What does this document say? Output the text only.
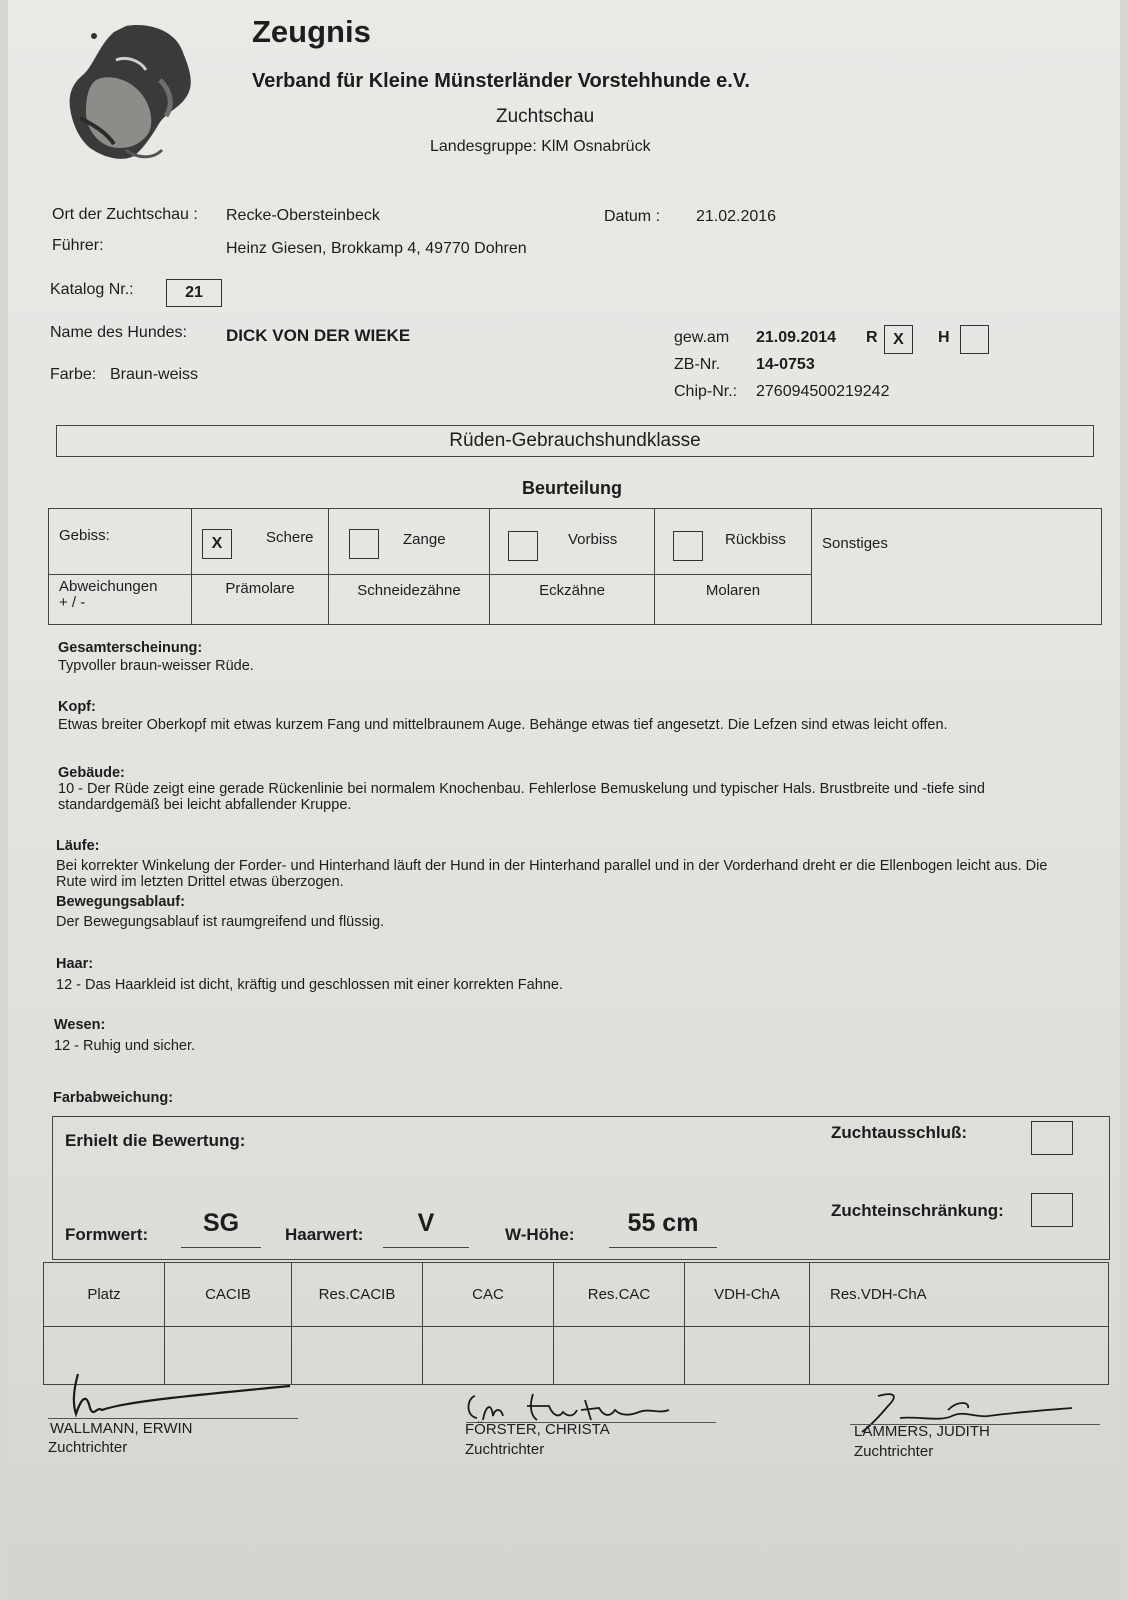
Zeugnis
Verband für Kleine Münsterländer Vorstehhunde e.V.
Zuchtschau
Landesgruppe: KlM Osnabrück
Ort der Zuchtschau : Recke-Obersteinbeck	Datum : 21.02.2016
Führer:	Heinz Giesen, Brokkamp 4, 49770 Dohren
Katalog Nr.:	21
Name des Hundes: DICK VON DER WIEKE
Farbe: Braun-weiss
gew.am 21.09.2014 R X	H
ZB-Nr. 14-0753
Chip-Nr.: 276094500219242
Rüden-Gebrauchshundklasse
Beurteilung
Gebiss:	X Schere	Zange	Vorbiss	Rückbiss	Sonstiges
Abweichungen
+ / -	Prämolare	Schneidezähne	Eckzähne	Molaren	
Gesamterscheinung:
Typvoller braun-weisser Rüde.
Kopf:
Etwas breiter Oberkopf mit etwas kurzem Fang und mittelbraunem Auge. Behänge etwas tief angesetzt. Die Lefzen sind etwas leicht offen.
Gebäude:
10 - Der Rüde zeigt eine gerade Rückenlinie bei normalem Knochenbau. Fehlerlose Bemuskelung und typischer Hals. Brustbreite und -tiefe sind standardgemäß bei leicht abfallender Kruppe.
Läufe:
Bei korrekter Winkelung der Forder- und Hinterhand läuft der Hund in der Hinterhand parallel und in der Vorderhand dreht er die Ellenbogen leicht aus. Die Rute wird im letzten Drittel etwas überzogen.
Bewegungsablauf:
Der Bewegungsablauf ist raumgreifend und flüssig.
Haar:
12 - Das Haarkleid ist dicht, kräftig und geschlossen mit einer korrekten Fahne.
Wesen:
12 - Ruhig und sicher.
Farbabweichung:
Erhielt die Bewertung:	Zuchtausschluß:
Zuchteinschränkung:
Formwert:	SG	Haarwert:	V	W-Höhe:	55 cm
Platz	CACIB	Res.CACIB	CAC	Res.CAC	VDH-ChA	Res.VDH-ChA

WALLMANN, ERWIN
Zuchtrichter
FÖRSTER, CHRISTA
Zuchtrichter
LAMMERS, JUDITH
Zuchtrichter
